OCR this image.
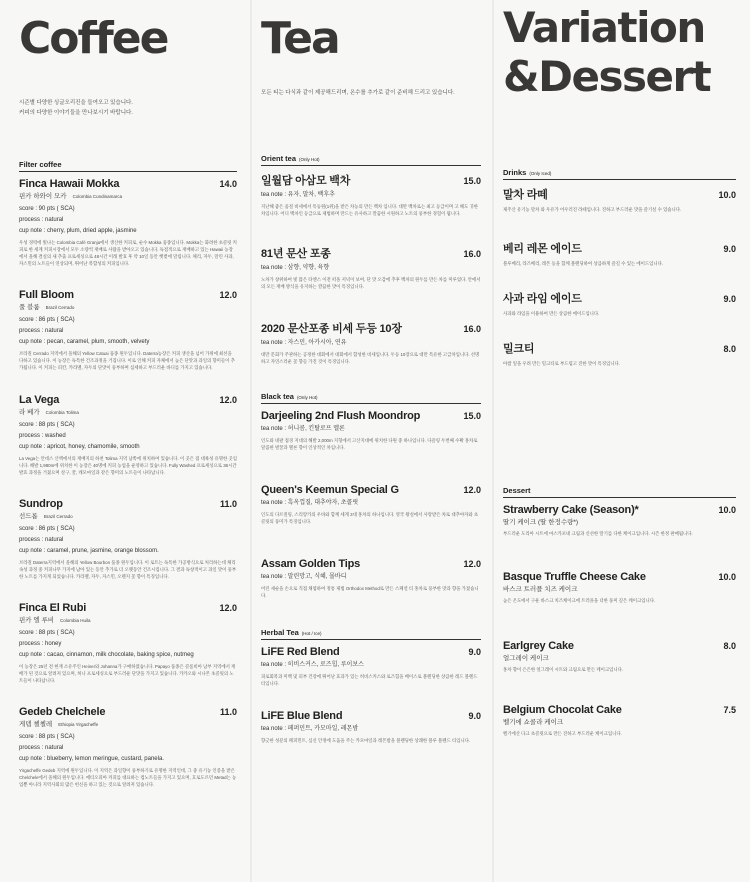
Coffee
시즌별 다양한 싱글오리진을 들여오고 있습니다.
커피의 다양한 이야기들을 만나보시기 바랍니다.
Filter coffee
Finca Hawaii Mokka	14.0
핀카 하와이 모카 Colombia Cundinamarca
score : 90 pts ( SCA)
process : natural
cup note : cherry, plum, dried apple, jasmine
우성 경력에 빛나는 Colombia Café Granja에서 생산한 커피로, 순수 Mokka 품종입니다. Mokka는 화려한 초콜릿 커피로 한 세계 커피시장에서 모두 소량씩 재배로 사람을 받아오고 있습니다. 독점적으로 재배하고 있는 Hawaii 농장에서 올해 결실의 새 추출 프로세싱으로 48시간 이래 발효 후 약 10일 동안 햇볕에 말립니다. 체리, 자두, 말린 사과, 자스민의 노트들이 연상되며, 뛰어난 복합성의 커피입니다.
Full Bloom	12.0
풀 블룸 Brazil Cerrado
score : 86 pts ( SCA)
process : natural
cup note : pecan, caramel, plum, smooth, velvety
브라질 Cerrado 지역에서 올해의 Yellow Catuai 품종 원두입니다. Daterra농장은 커피 생산을 넘어 가위에 최선을 다하고 있습니다. 이 농장은 독특한 건조과정을 거칩니다. 이로 인해 커피 자체에서 높은 단맛과 과일의 향미들이 추가됩니다. 이 커피는 피칸, 카라멜, 자두의 단맛이 풍부하며 섬세하고 부드러운 바디를 가지고 있습니다.
La Vega	12.0
라 베가 Colombia Tolima
score : 88 pts ( SCA)
process : washed
cup note : apricot, honey, chamomile, smooth
La Vega는 안데스 산맥에서의 재배지의 하천 Tolima 지역 남쪽에 위치하여 있습니다. 이 곳은 접 대륙성 유명한 곳입니다. 해발 1,980m에 위치한 이 농장은 40명에 커피 농업을 운영하고 있습니다. Fully Washed 프로세싱으로 36시간 발효 과정을 거쳤으며 살구, 꿀, 캐모마일과 같은 향미의 노트들이 나타납니다.
Sundrop	11.0
선드롭 Brazil Cerrado
score : 86 pts ( SCA)
process : natural
cup note : caramel, prune, jasmine, orange blossom.
브라질 Daterra지역에서 올해의 Yellow Bourbon 품종 원두입니다. 이 로트는 독특한 가공방식으로 처리하는데 체리 속성 과정 중 커피나무 가지에 남아 있는 동안 추가로 더 오랫동안 건조시킵니다. 그 결과 독창적이고 과일 맛이 풍부한 노트를 가지게 되었습니다. 카라멜, 자두, 자스민, 오렌지 꽃 향이 특징입니다.
Finca El Rubi	12.0
핀카 엘 루비 Colombia Huila
score : 88 pts ( SCA)
process : honey
cup note : cacao, cinnamon, milk chocolate, baking spice, nutmeg
이 농장은 25년 전 현재 소유주인 Heiner와 Johanna가 구매하였습니다. Papayo 품종은 콜롬비아 남부 지역에서 재배가 된 것으로 알려져 있으며, 허니 프로세싱으로 부드러운 단맛을 가지고 있습니다. 카카오와 시나몬 초콜릿의 노트들이 나타납니다.
Gedeb Chelchele	11.0
게뎁 첼첼레 Ethiopia Yirgacheffe
score : 88 pts ( SCA)
process : natural
cup note : blueberry, lemon meringue, custard, panela.
Yirgacheffe Gedeb 지역에 원두입니다. 이 지역은 과일향이 풍부하기로 유명한 지역인데, 그 중 유기농 인증을 받은 Chelchele에서 올해의 원두입니다. 에티오피아 커피를 대표하는 컵노트들을 가지고 있으며, 흐로도르던 Metad는 농업뿐 아니라 지역사회의 많은 헌신을 하고 있는 것으로 알려져 있습니다.
Tea
모든 티는 다식과 같이 제공해드리며, 온수를 추가로 같이 준비해 드리고 있습니다.
Orient tea (Only Hot)
일월담 아삼모 백차	15.0
tea note : 유자, 말차, 백후추
지난해 좋은 품질 비세에서 특등원(1위)을 받은 차농의 만든 백차 입니다. 대만 백차로는 최고 등급이며 고 해도 귀한 차입니다. 어디 백차인 등급으로 제법하며 만드는 유사하고 깔끔한 시원하고 노트의 풍부한 경험이 됩니다.
81년 문산 포종	16.0
tea note : 삼향, 약향, 육향
노차가 창위하여 빛 많은 타엔스 이전 떠올 저녁이 보여, 단 맛 오감에 추후 백차의 원두를 만든 차를 미루었다. 안에서의 모든 재배 방식을 유지하는 깔끔한 맛이 특징입니다.
2020 문산포종 비세 두등 10장	16.0
tea note : 자스민, 아카시아, 연유
대만 문화가 주관하는 공정한 대회에서 대회에서 합성한 비세입니다. 두등 10장으로 대만 특유한 고급차입니다. 선명하고 자연스러운 꽃 향들 가진 것이 특징입니다.
Black tea (Only Hot)
Darjeeling 2nd Flush Moondrop	15.0
tea note : 허니콤, 킨탈로프 멜론
인도와 네팔 접경 지대의 해발 2,000m 지형에서 고산지대에 위치한 다원 중 하나입니다. 다즐링 두번째 수확 홍차로 달콤한 벌꿀과 멜론 향이 인상적인 차입니다.
Queen's Keemun Special G	12.0
tea note : 흑옥껍질, 대추야자, 초콜릿
인도의 다르질링, 스리랑카의 우바와 함께 세계 3대 홍차의 하나입니다. 영국 왕실에서 사랑받은 차로 대추야자와 초콜릿의 풍미가 특징입니다.
Assam Golden Tips	12.0
tea note : 말린망고, 식혜, 몰바디
어린 새순을 손으로 직접 채엽하여 정통 제법 Orthodox Method로 만든 스페셜 티 홍차로 풍부한 맛과 향을 가졌습니다.
Herbal Tea (Hot / Ice)
LiFE Red Blend	9.0
tea note : 히비스커스, 로즈힙, 루이보스
피로회복과 미백 및 피부 건강에 뛰어난 효과가 있는 히비스커스와 로즈힙을 베이스로 블렌딩한 상큼한 레드 블렌드 티입니다.
LiFE Blue Blend	9.0
tea note : 페퍼민트, 카모마일, 레몬밤
향긋한 성분의 페퍼민트, 심신 안정에 도움을 주는 카모마일과 레몬밤을 블렌딩한 상쾌한 블루 블렌드 티입니다.
Variation
&Dessert
Drinks (Only Iced)
말차 라떼	10.0
제주산 유기농 말차 와 우유가 어우러진 라떼입니다. 진하고 부드러운 맛을 즐기실 수 있습니다.
베리 레몬 에이드	9.0
블루베리, 라즈베리, 레몬 등을 함께 블렌딩하여 상큼하게 즐길 수 있는 에이드입니다.
사과 라임 에이드	9.0
사과와 라임을 이용하여 만든 상큼한 에이드입니다.
밀크티	8.0
아쌈 잎을 우려 만든 밀크티로 부드럽고 진한 맛이 특징입니다.
Dessert
Strawberry Cake (Season)*	10.0
딸기 케이크 (딸 한정수량*)
부드러운 도리아 시트에 마스카포네 크림과 신선한 딸기를 다한 케이크입니다. 시즌 한정 판매됩니다.
Basque Truffle Cheese Cake	10.0
바스크 트러플 치즈 케이크
높은 온도에서 구운 바스크 치즈케이크에 트러플을 더한 풍미 깊은 케이크입니다.
Earlgrey Cake	8.0
얼그레이 케이크
홍차 향이 은은한 얼그레이 시트와 크림으로 만든 케이크입니다.
Belgium Chocolat Cake	7.5
벨기에 쇼콜라 케이크
벨기에산 다크 초콜릿으로 만든 진하고 부드러운 케이크입니다.
